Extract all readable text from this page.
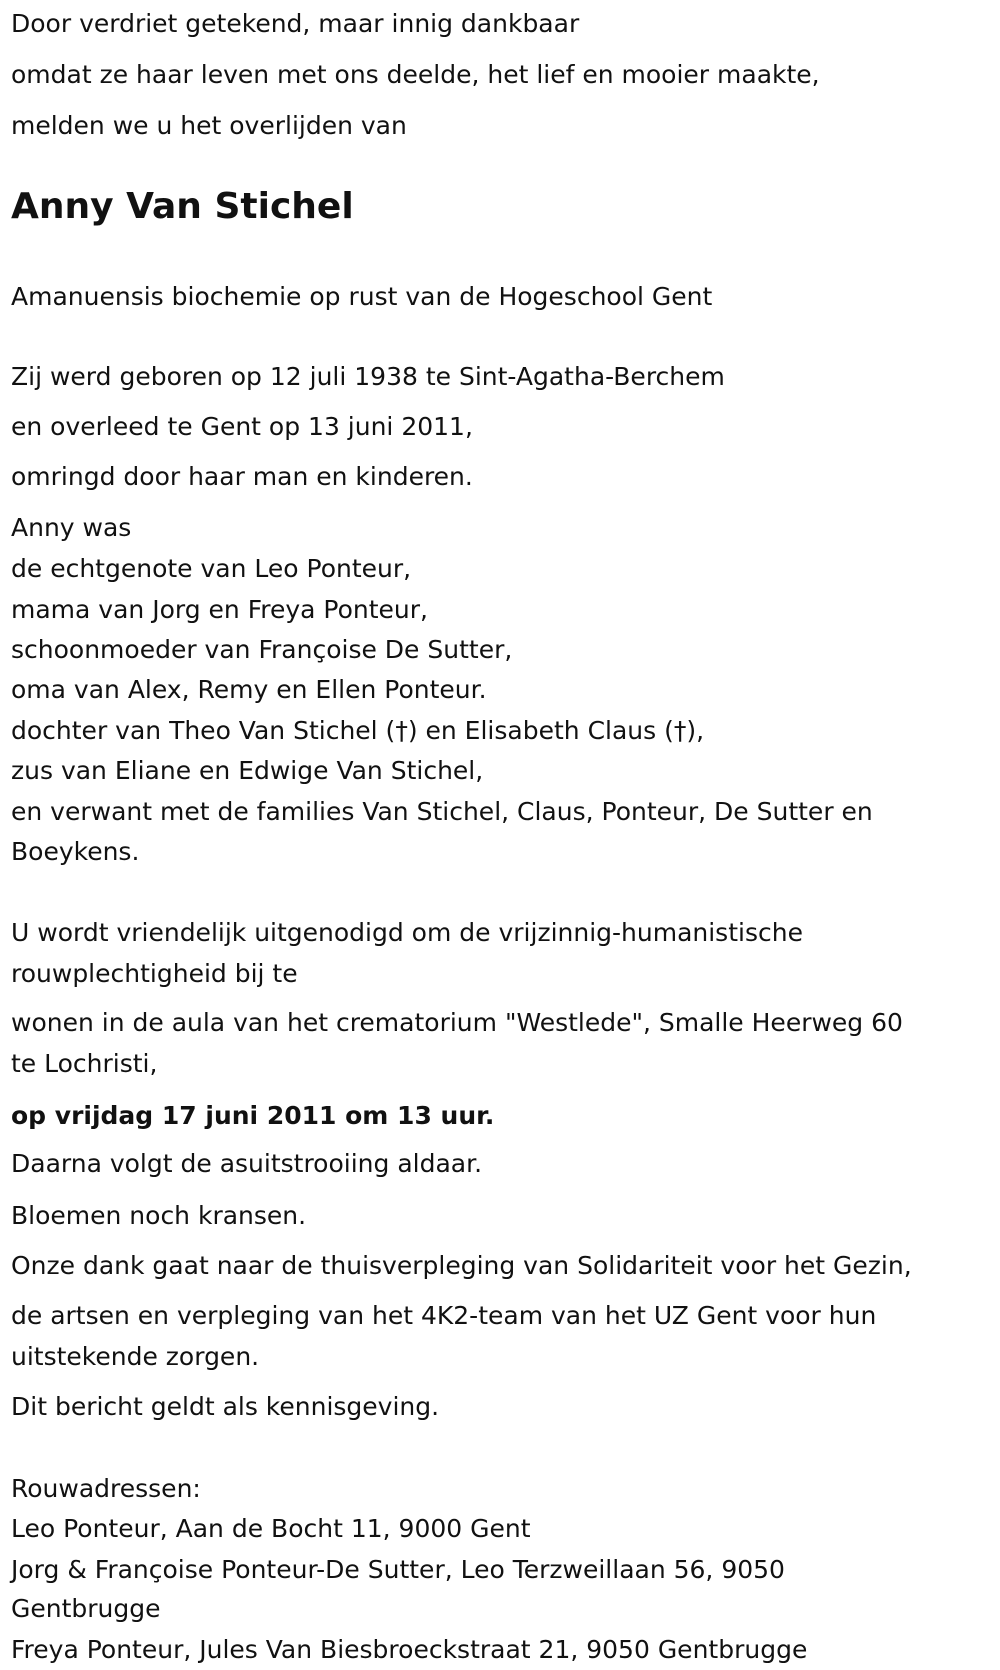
Door verdriet getekend, maar innig dankbaar
omdat ze haar leven met ons deelde, het lief en mooier maakte,
melden we u het overlijden van
Anny Van Stichel
Amanuensis biochemie op rust van de Hogeschool Gent
Zij werd geboren op 12 juli 1938 te Sint-Agatha-Berchem
en overleed te Gent op 13 juni 2011,
omringd door haar man en kinderen.
Anny was
de echtgenote van Leo Ponteur,
mama van Jorg en Freya Ponteur,
schoonmoeder van Françoise De Sutter,
oma van Alex, Remy en Ellen Ponteur.
dochter van Theo Van Stichel (†) en Elisabeth Claus (†),
zus van Eliane en Edwige Van Stichel,
en verwant met de families Van Stichel, Claus, Ponteur, De Sutter en
Boeykens.
U wordt vriendelijk uitgenodigd om de vrijzinnig-humanistische
rouwplechtigheid bij te
wonen in de aula van het crematorium "Westlede", Smalle Heerweg 60
te Lochristi,
op vrijdag 17 juni 2011 om 13 uur.
Daarna volgt de asuitstrooiing aldaar.
Bloemen noch kransen.
Onze dank gaat naar de thuisverpleging van Solidariteit voor het Gezin,
de artsen en verpleging van het 4K2-team van het UZ Gent voor hun
uitstekende zorgen.
Dit bericht geldt als kennisgeving.
Rouwadressen:
Leo Ponteur, Aan de Bocht 11, 9000 Gent
Jorg & Françoise Ponteur-De Sutter, Leo Terzweillaan 56, 9050
Gentbrugge
Freya Ponteur, Jules Van Biesbroeckstraat 21, 9050 Gentbrugge
